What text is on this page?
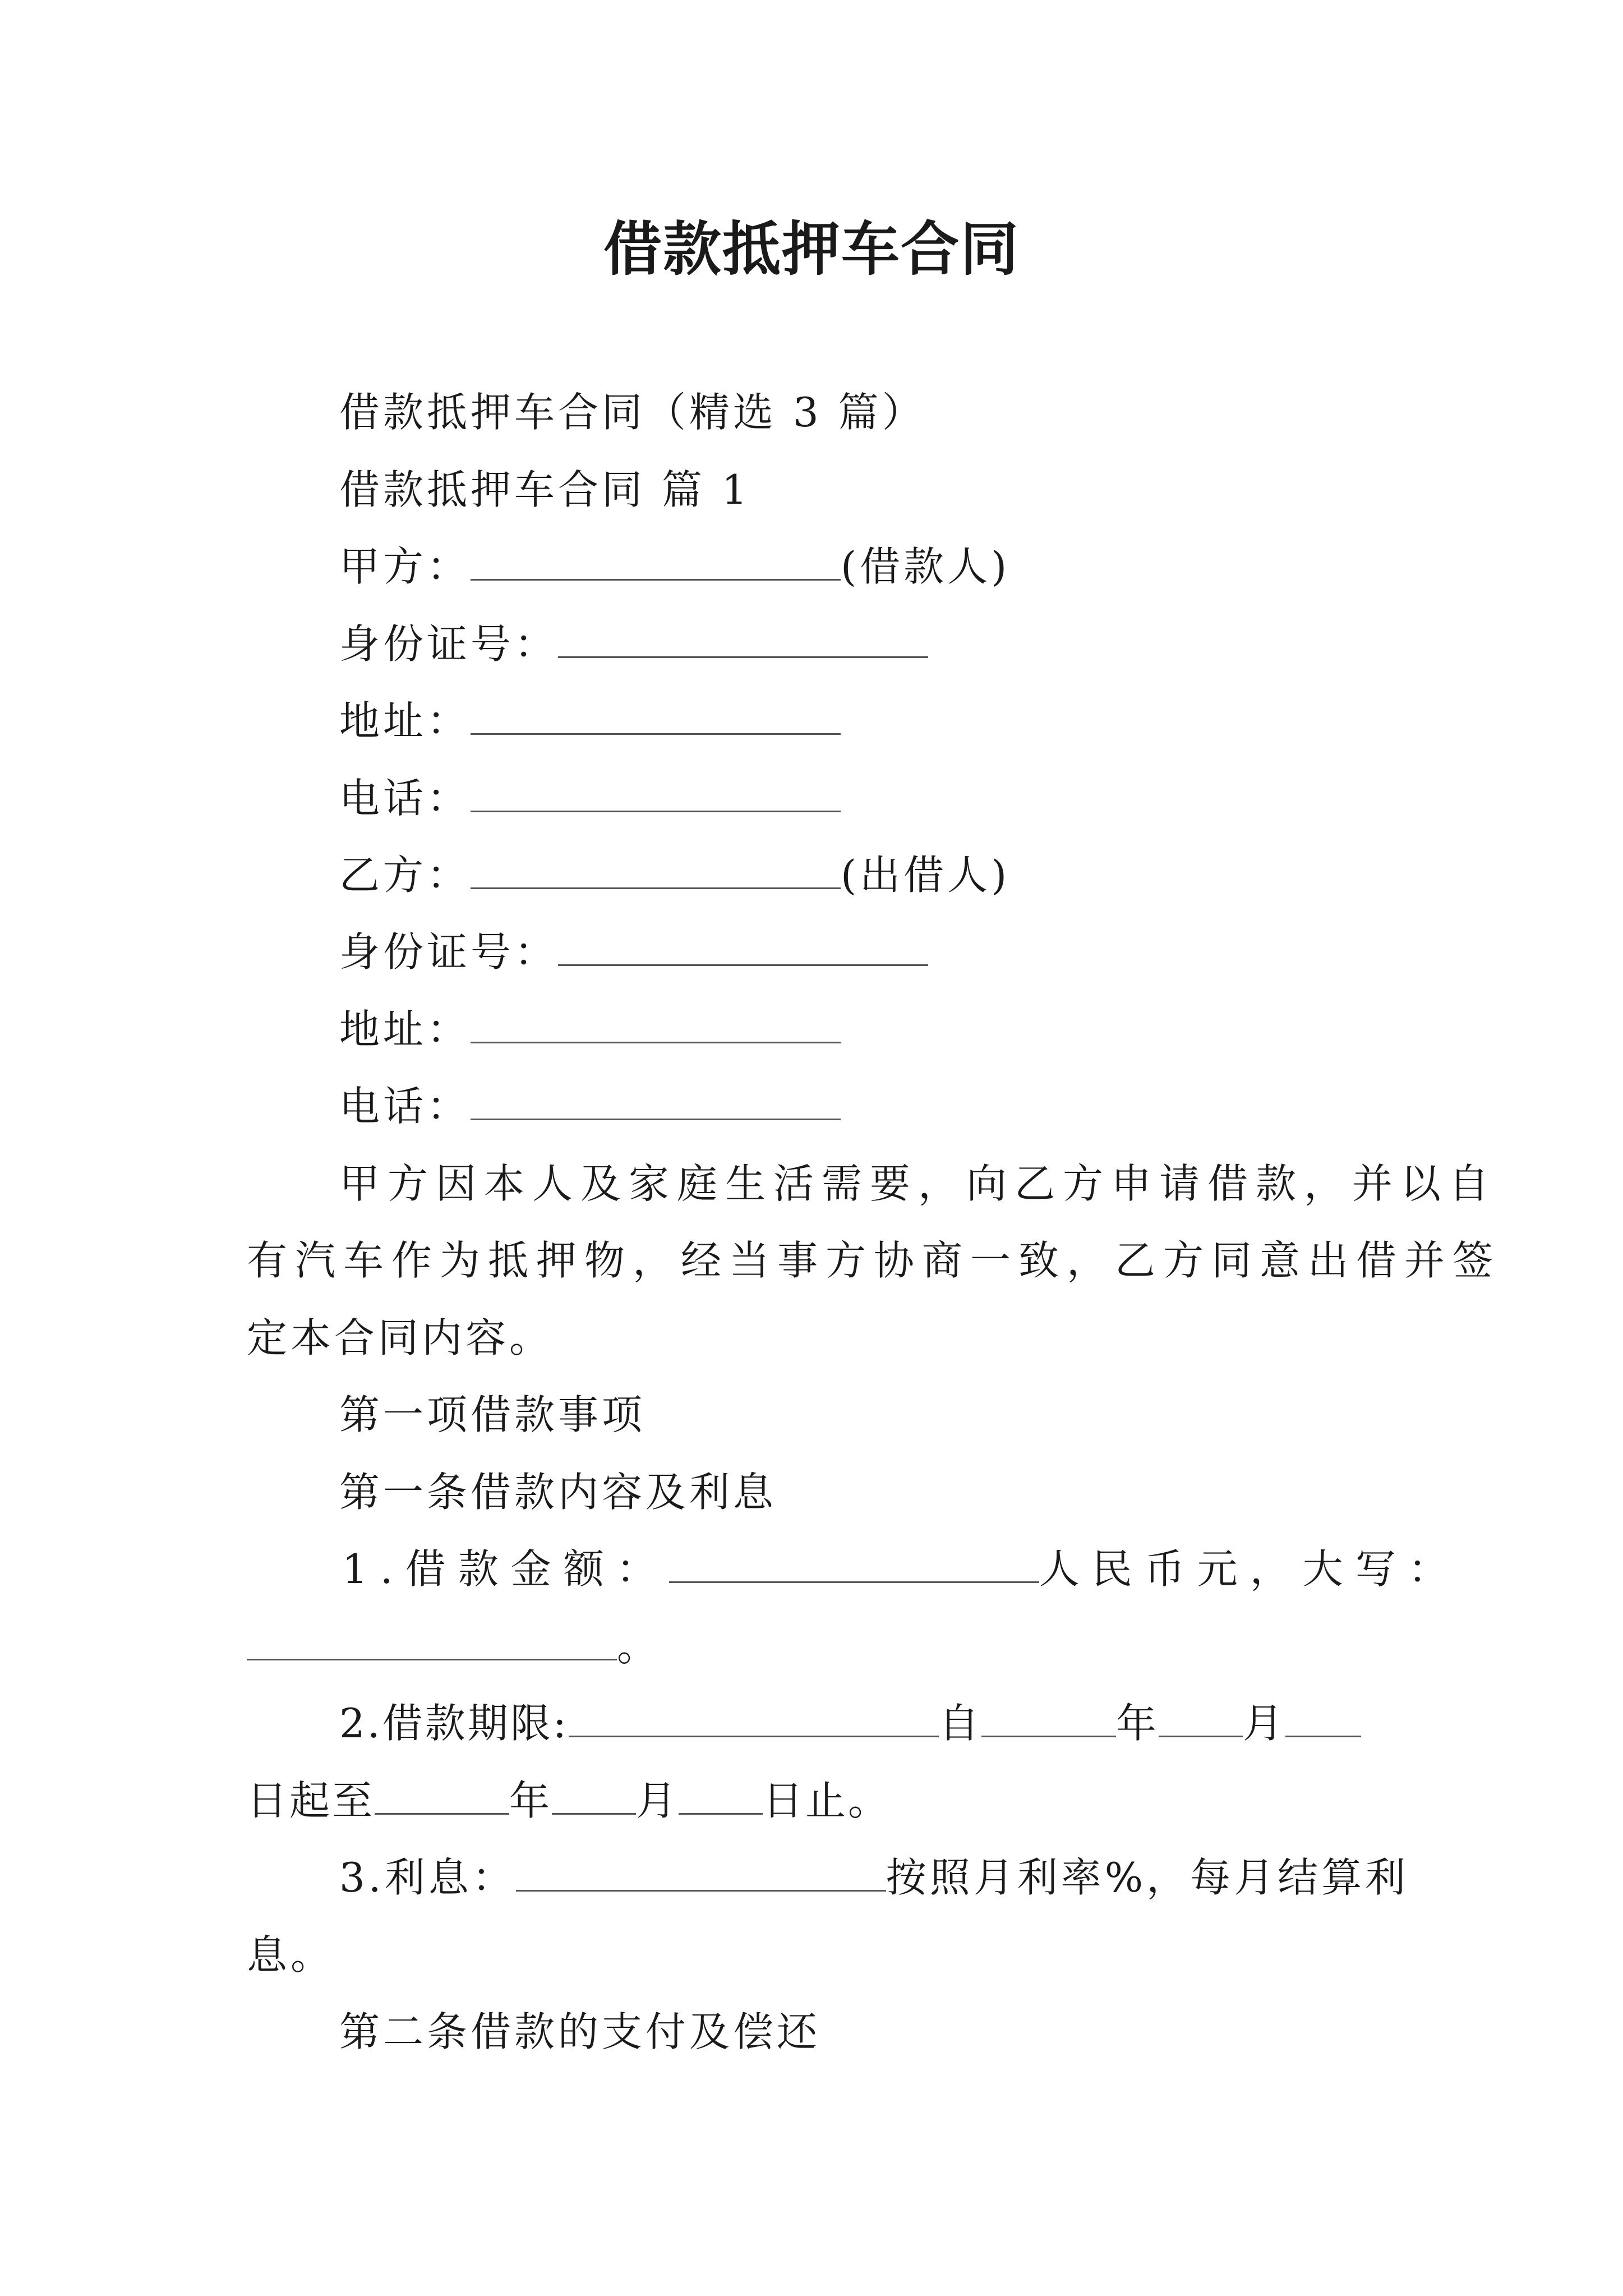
借款抵押车合同
借款抵押车合同（精选 3 篇）
借款抵押车合同 篇 1
甲方：	(借款人)
身份证号：
地址：
电话：
乙方：	(出借人)
身份证号：
地址：
电话：
甲方因本人及家庭生活需要，向乙方申请借款，并以自
有汽车作为抵押物，经当事方协商一致，乙方同意出借并签
定本合同内容。
第一项借款事项
第一条借款内容及利息
1.借款金额：	人民币元，大写：
。
2.借款期限:	自	年 月
日起至	年 月 日止。
3.利息：	按照月利率%，每月结算利
息。
第二条借款的支付及偿还
